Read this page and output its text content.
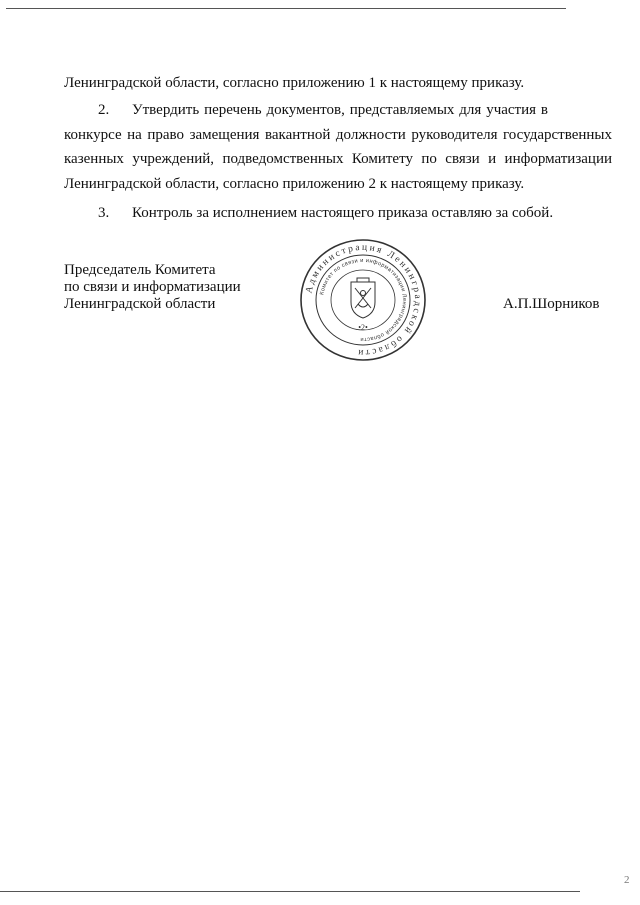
Ленинградской области, согласно приложению 1 к настоящему приказу.

2. Утвердить перечень документов, представляемых для участия в
конкурсе на право замещения вакантной должности руководителя государственных
казенных учреждений, подведомственных Комитету по связи и информатизации
Ленинградской области, согласно приложению 2 к настоящему приказу.

3. Контроль за исполнением настоящего приказа оставляю за собой.

Председатель Комитета
по связи и информатизации
Ленинградской области	А.П.Шорников
Администрация Ленинградской области
Комитет по связи и информатизации Ленинградской области
•2•
2
